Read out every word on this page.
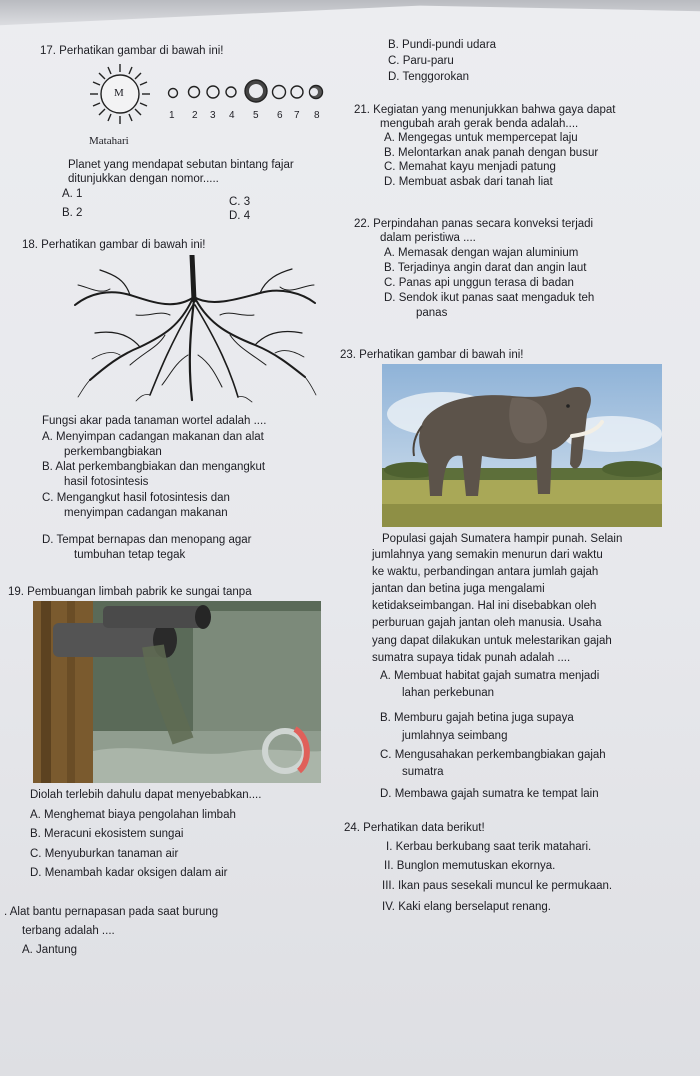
17. Perhatikan gambar di bawah ini!
M
1 2 3 4 5 6 7 8
Matahari
Planet yang mendapat sebutan bintang fajar
ditunjukkan dengan nomor.....
A. 1
C. 3
B. 2	D. 4
B. Pundi-pundi udara
C. Paru-paru
D. Tenggorokan
21. Kegiatan yang menunjukkan bahwa gaya dapat
mengubah arah gerak benda adalah....
A. Mengegas untuk mempercepat laju
B. Melontarkan anak panah dengan busur
C. Memahat kayu menjadi patung
D. Membuat asbak dari tanah liat
22. Perpindahan panas secara konveksi terjadi
dalam peristiwa ....
A. Memasak dengan wajan aluminium
B. Terjadinya angin darat dan angin laut
C. Panas api unggun terasa di badan
D. Sendok ikut panas saat mengaduk teh
panas
18. Perhatikan gambar di bawah ini!
Fungsi akar pada tanaman wortel adalah ....
A. Menyimpan cadangan makanan dan alat
perkembangbiakan
B. Alat perkembangbiakan dan mengangkut
hasil fotosintesis
C. Mengangkut hasil fotosintesis dan
menyimpan cadangan makanan
D. Tempat bernapas dan menopang agar
tumbuhan tetap tegak
23. Perhatikan gambar di bawah ini!
Populasi gajah Sumatera hampir punah. Selain
jumlahnya yang semakin menurun dari waktu
ke waktu, perbandingan antara jumlah gajah
jantan dan betina juga mengalami
ketidakseimbangan. Hal ini disebabkan oleh
perburuan gajah jantan oleh manusia. Usaha
yang dapat dilakukan untuk melestarikan gajah
sumatra supaya tidak punah adalah ....
A. Membuat habitat gajah sumatra menjadi
lahan perkebunan
B. Memburu gajah betina juga supaya
jumlahnya seimbang
C. Mengusahakan perkembangbiakan gajah
sumatra
D. Membawa gajah sumatra ke tempat lain
19. Pembuangan limbah pabrik ke sungai tanpa
Diolah terlebih dahulu dapat menyebabkan....
A. Menghemat biaya pengolahan limbah
B. Meracuni ekosistem sungai
C. Menyuburkan tanaman air
D. Menambah kadar oksigen dalam air
24. Perhatikan data berikut!
I. Kerbau berkubang saat terik matahari.
II. Bunglon memutuskan ekornya.
III. Ikan paus sesekali muncul ke permukaan.
IV. Kaki elang berselaput renang.
. Alat bantu pernapasan pada saat burung
terbang adalah ....
A. Jantung
